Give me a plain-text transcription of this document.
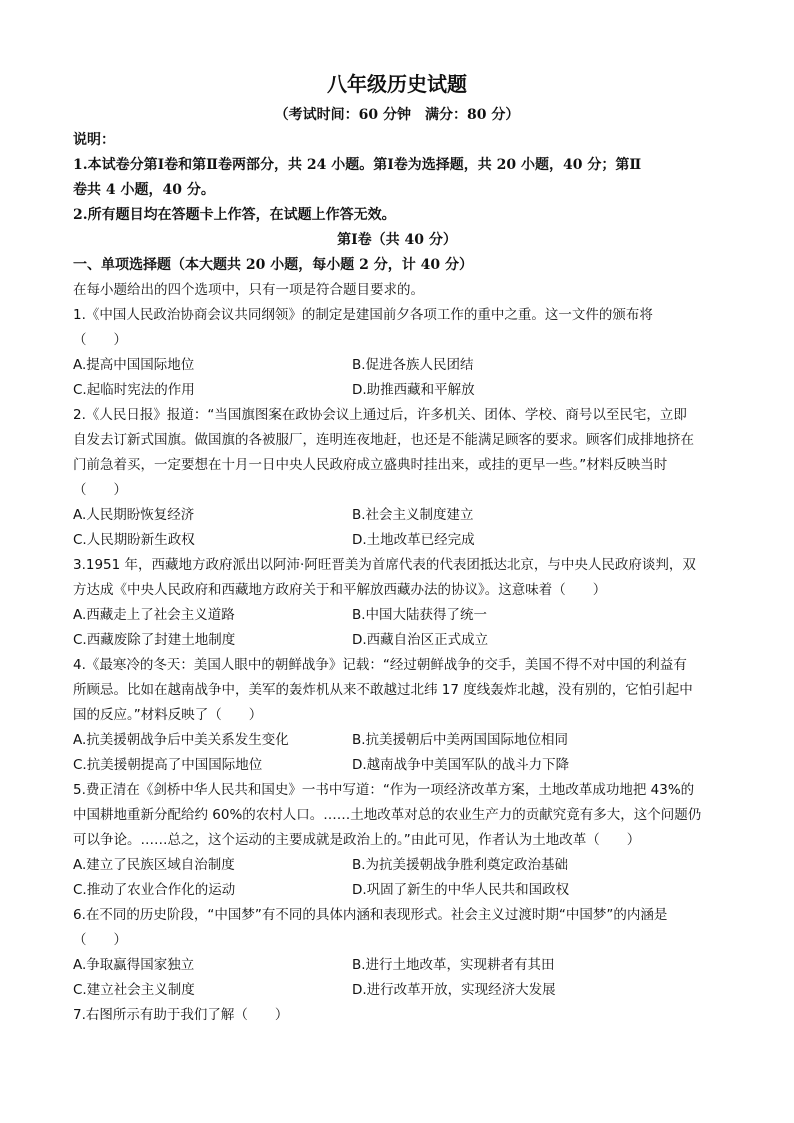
八年级历史试题
（考试时间：60 分钟　满分：80 分）
说明：
1.本试卷分第Ⅰ卷和第Ⅱ卷两部分，共 24 小题。第Ⅰ卷为选择题，共 20 小题，40 分；第Ⅱ
卷共 4 小题，40 分。
2.所有题目均在答题卡上作答，在试题上作答无效。
第Ⅰ卷（共 40 分）
一、单项选择题（本大题共 20 小题，每小题 2 分，计 40 分）
在每小题给出的四个选项中，只有一项是符合题目要求的。
1.《中国人民政治协商会议共同纲领》的制定是建国前夕各项工作的重中之重。这一文件的颁布将
（　　）
A.提高中国国际地位	B.促进各族人民团结
C.起临时宪法的作用	D.助推西藏和平解放
2.《人民日报》报道：“当国旗图案在政协会议上通过后，许多机关、团体、学校、商号以至民宅，立即
自发去订新式国旗。做国旗的各被服厂，连明连夜地赶，也还是不能满足顾客的要求。顾客们成排地挤在
门前急着买，一定要想在十月一日中央人民政府成立盛典时挂出来，或挂的更早一些。”材料反映当时
（　　）
A.人民期盼恢复经济	B.社会主义制度建立
C.人民期盼新生政权	D.土地改革已经完成
3.1951 年，西藏地方政府派出以阿沛·阿旺晋美为首席代表的代表团抵达北京，与中央人民政府谈判，双
方达成《中央人民政府和西藏地方政府关于和平解放西藏办法的协议》。这意味着（　　）
A.西藏走上了社会主义道路	B.中国大陆获得了统一
C.西藏废除了封建土地制度	D.西藏自治区正式成立
4.《最寒冷的冬天：美国人眼中的朝鲜战争》记载：“经过朝鲜战争的交手，美国不得不对中国的利益有
所顾忌。比如在越南战争中，美军的轰炸机从来不敢越过北纬 17 度线轰炸北越，没有别的，它怕引起中
国的反应。”材料反映了（　　）
A.抗美援朝战争后中美关系发生变化	B.抗美援朝后中美两国国际地位相同
C.抗美援朝提高了中国国际地位	D.越南战争中美国军队的战斗力下降
5.费正清在《剑桥中华人民共和国史》一书中写道：“作为一项经济改革方案，土地改革成功地把 43%的
中国耕地重新分配给约 60%的农村人口。……土地改革对总的农业生产力的贡献究竟有多大，这个问题仍
可以争论。……总之，这个运动的主要成就是政治上的。”由此可见，作者认为土地改革（　　）
A.建立了民族区域自治制度	B.为抗美援朝战争胜利奠定政治基础
C.推动了农业合作化的运动	D.巩固了新生的中华人民共和国政权
6.在不同的历史阶段，“中国梦”有不同的具体内涵和表现形式。社会主义过渡时期“中国梦”的内涵是
（　　）
A.争取赢得国家独立	B.进行土地改革，实现耕者有其田
C.建立社会主义制度	D.进行改革开放，实现经济大发展
7.右图所示有助于我们了解（　　）
